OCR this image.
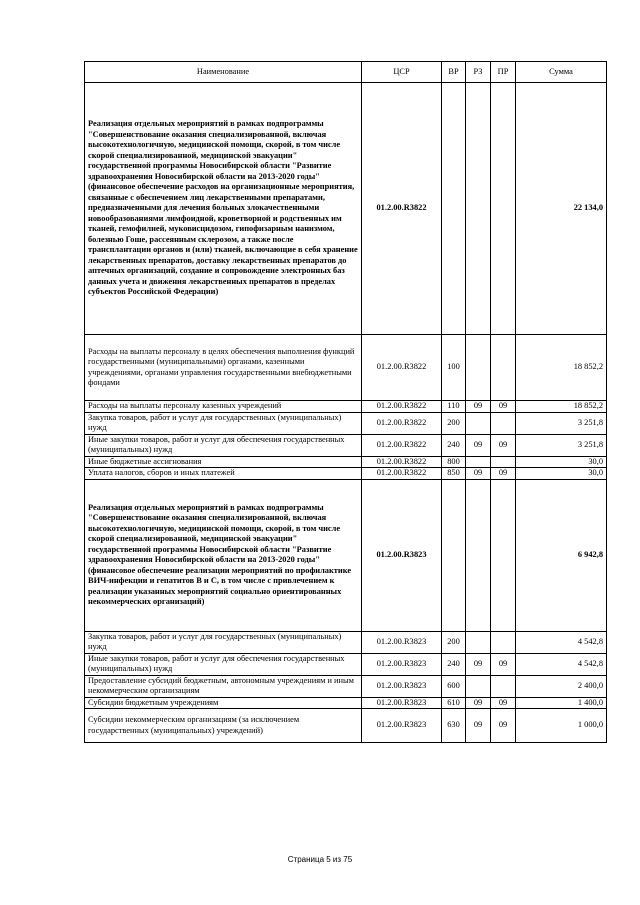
Наименование	ЦСР	ВР	РЗ	ПР	Сумма
Реализация отдельных мероприятий в рамках подпрограммы "Совершенствование оказания специализированной, включая высокотехнологичную, медицинской помощи, скорой, в том числе скорой специализированной, медицинской эвакуации" государственной программы Новосибирской области "Развитие здравоохранения Новосибирской области на 2013-2020 годы" (финансовое обеспечение расходов на организационные мероприятия, связанные с обеспечением лиц лекарственными препаратами, предназначенными для лечения больных злокачественными новообразованиями лимфоидной, кроветворной и родственных им тканей, гемофилией, муковисцидозом, гипофизарным нанизмом, болезнью Гоше, рассеянным склерозом, а также после трансплантации органов и (или) тканей, включающие в себя хранение лекарственных препаратов, доставку лекарственных препаратов до аптечных организаций, создание и сопровождение электронных баз данных учета и движения лекарственных препаратов в пределах субъектов Российской Федерации)	01.2.00.R3822				22 134,0
Расходы на выплаты персоналу в целях обеспечения выполнения функций государственными (муниципальными) органами, казенными учреждениями, органами управления государственными внебюджетными фондами	01.2.00.R3822	100			18 852,2
Расходы на выплаты персоналу казенных учреждений	01.2.00.R3822	110	09	09	18 852,2
Закупка товаров, работ и услуг для государственных (муниципальных) нужд	01.2.00.R3822	200			3 251,8
Иные закупки товаров, работ и услуг для обеспечения государственных (муниципальных) нужд	01.2.00.R3822	240	09	09	3 251,8
Иные бюджетные ассигнования	01.2.00.R3822	800			30,0
Уплата налогов, сборов и иных платежей	01.2.00.R3822	850	09	09	30,0
Реализация отдельных мероприятий в рамках подпрограммы "Совершенствование оказания специализированной, включая высокотехнологичную, медицинской помощи, скорой, в том числе скорой специализированной, медицинской эвакуации" государственной программы Новосибирской области "Развитие здравоохранения Новосибирской области на 2013-2020 годы" (финансовое обеспечение реализации мероприятий по профилактике ВИЧ-инфекции и гепатитов В и С, в том числе с привлечением к реализации указанных мероприятий социально ориентированных некоммерческих организаций)	01.2.00.R3823				6 942,8
Закупка товаров, работ и услуг для государственных (муниципальных) нужд	01.2.00.R3823	200			4 542,8
Иные закупки товаров, работ и услуг для обеспечения государственных (муниципальных) нужд	01.2.00.R3823	240	09	09	4 542,8
Предоставление субсидий бюджетным, автономным учреждениям и иным некоммерческим организациям	01.2.00.R3823	600			2 400,0
Субсидии бюджетным учреждениям	01.2.00.R3823	610	09	09	1 400,0
Субсидии некоммерческим организациям (за исключением государственных (муниципальных) учреждений)	01.2.00.R3823	630	09	09	1 000,0
Страница 5 из 75
